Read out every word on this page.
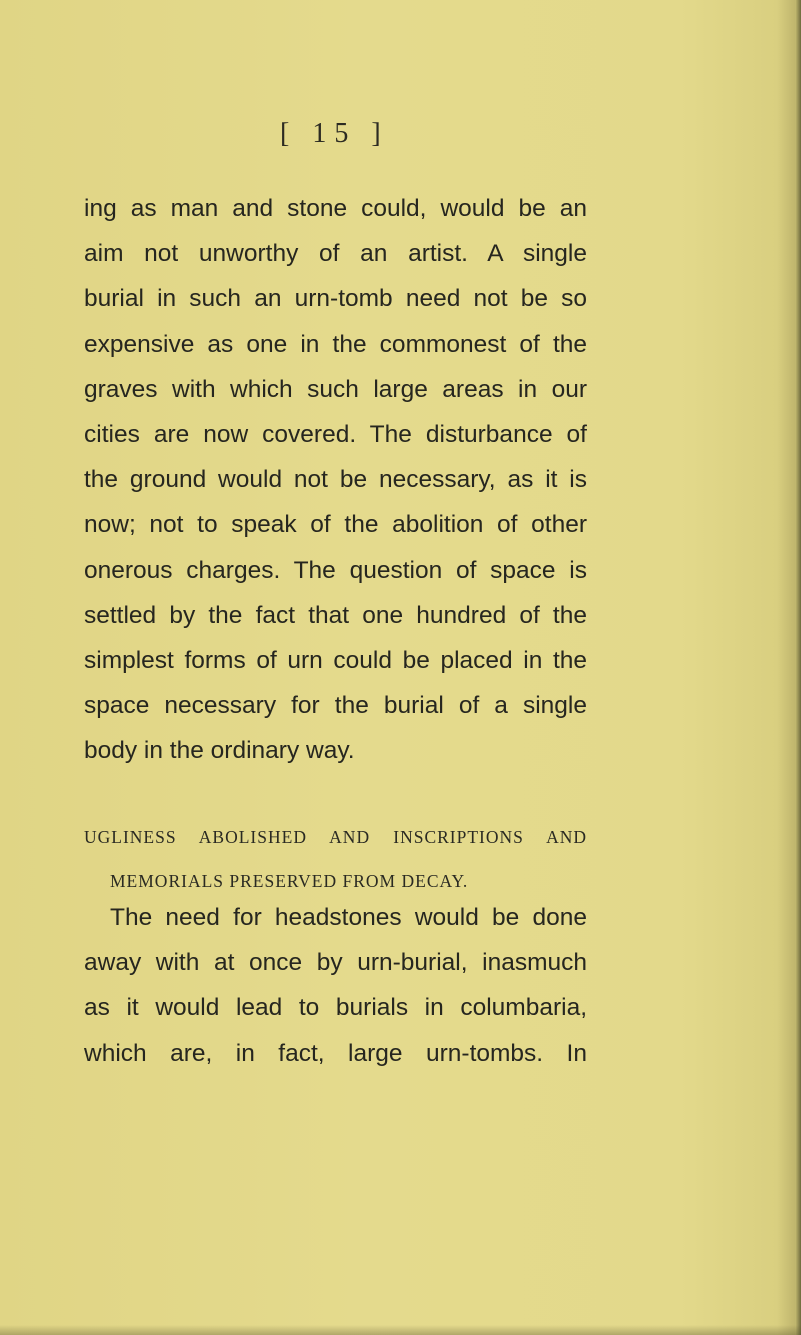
[ 15 ]
ing as man and stone could, would be an
aim not unworthy of an artist. A single
burial in such an urn-tomb need not be so
expensive as one in the commonest of the
graves with which such large areas in our
cities are now covered. The disturbance of
the ground would not be necessary, as it is
now; not to speak of the abolition of other
onerous charges. The question of space is
settled by the fact that one hundred of the
simplest forms of urn could be placed in the
space necessary for the burial of a single
body in the ordinary way.
UGLINESS ABOLISHED AND INSCRIPTIONS AND
MEMORIALS PRESERVED FROM DECAY.
The need for headstones would be done
away with at once by urn-burial, inasmuch
as it would lead to burials in columbaria,
which are, in fact, large urn-tombs. In
